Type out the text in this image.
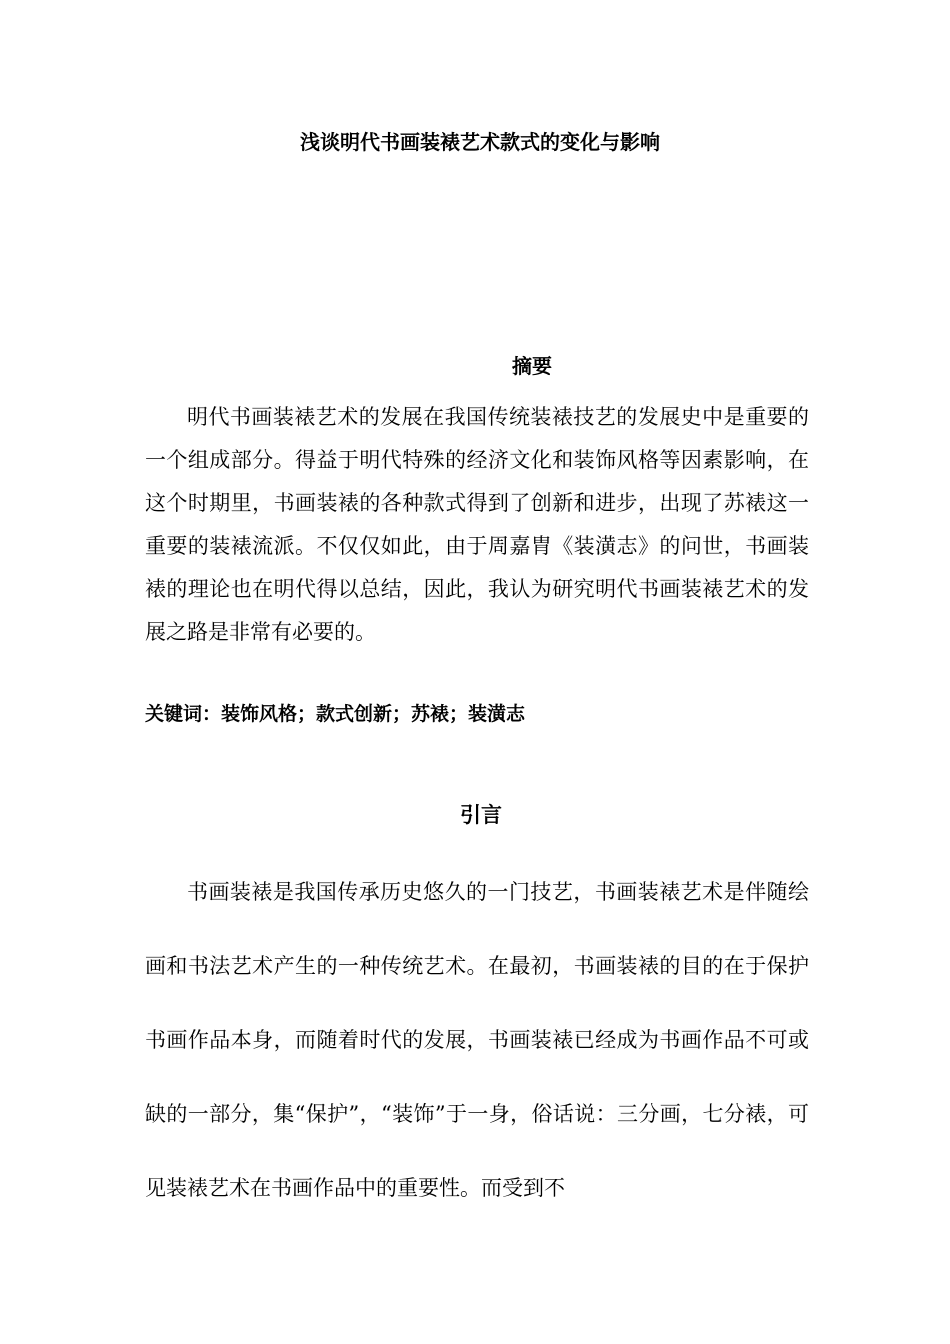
浅谈明代书画装裱艺术款式的变化与影响
摘要

明代书画装裱艺术的发展在我国传统装裱技艺的发展史中是重要的一个组成部分。得益于明代特殊的经济文化和装饰风格等因素影响，在这个时期里，书画装裱的各种款式得到了创新和进步，出现了苏裱这一重要的装裱流派。不仅仅如此，由于周嘉胄《装潢志》的问世，书画装裱的理论也在明代得以总结，因此，我认为研究明代书画装裱艺术的发展之路是非常有必要的。

关键词：装饰风格；款式创新；苏裱；装潢志

引言

书画装裱是我国传承历史悠久的一门技艺，书画装裱艺术是伴随绘画和书法艺术产生的一种传统艺术。在最初，书画装裱的目的在于保护书画作品本身，而随着时代的发展，书画装裱已经成为书画作品不可或缺的一部分，集“保护”，“装饰”于一身，俗话说：三分画，七分裱，可见装裱艺术在书画作品中的重要性。而受到不
